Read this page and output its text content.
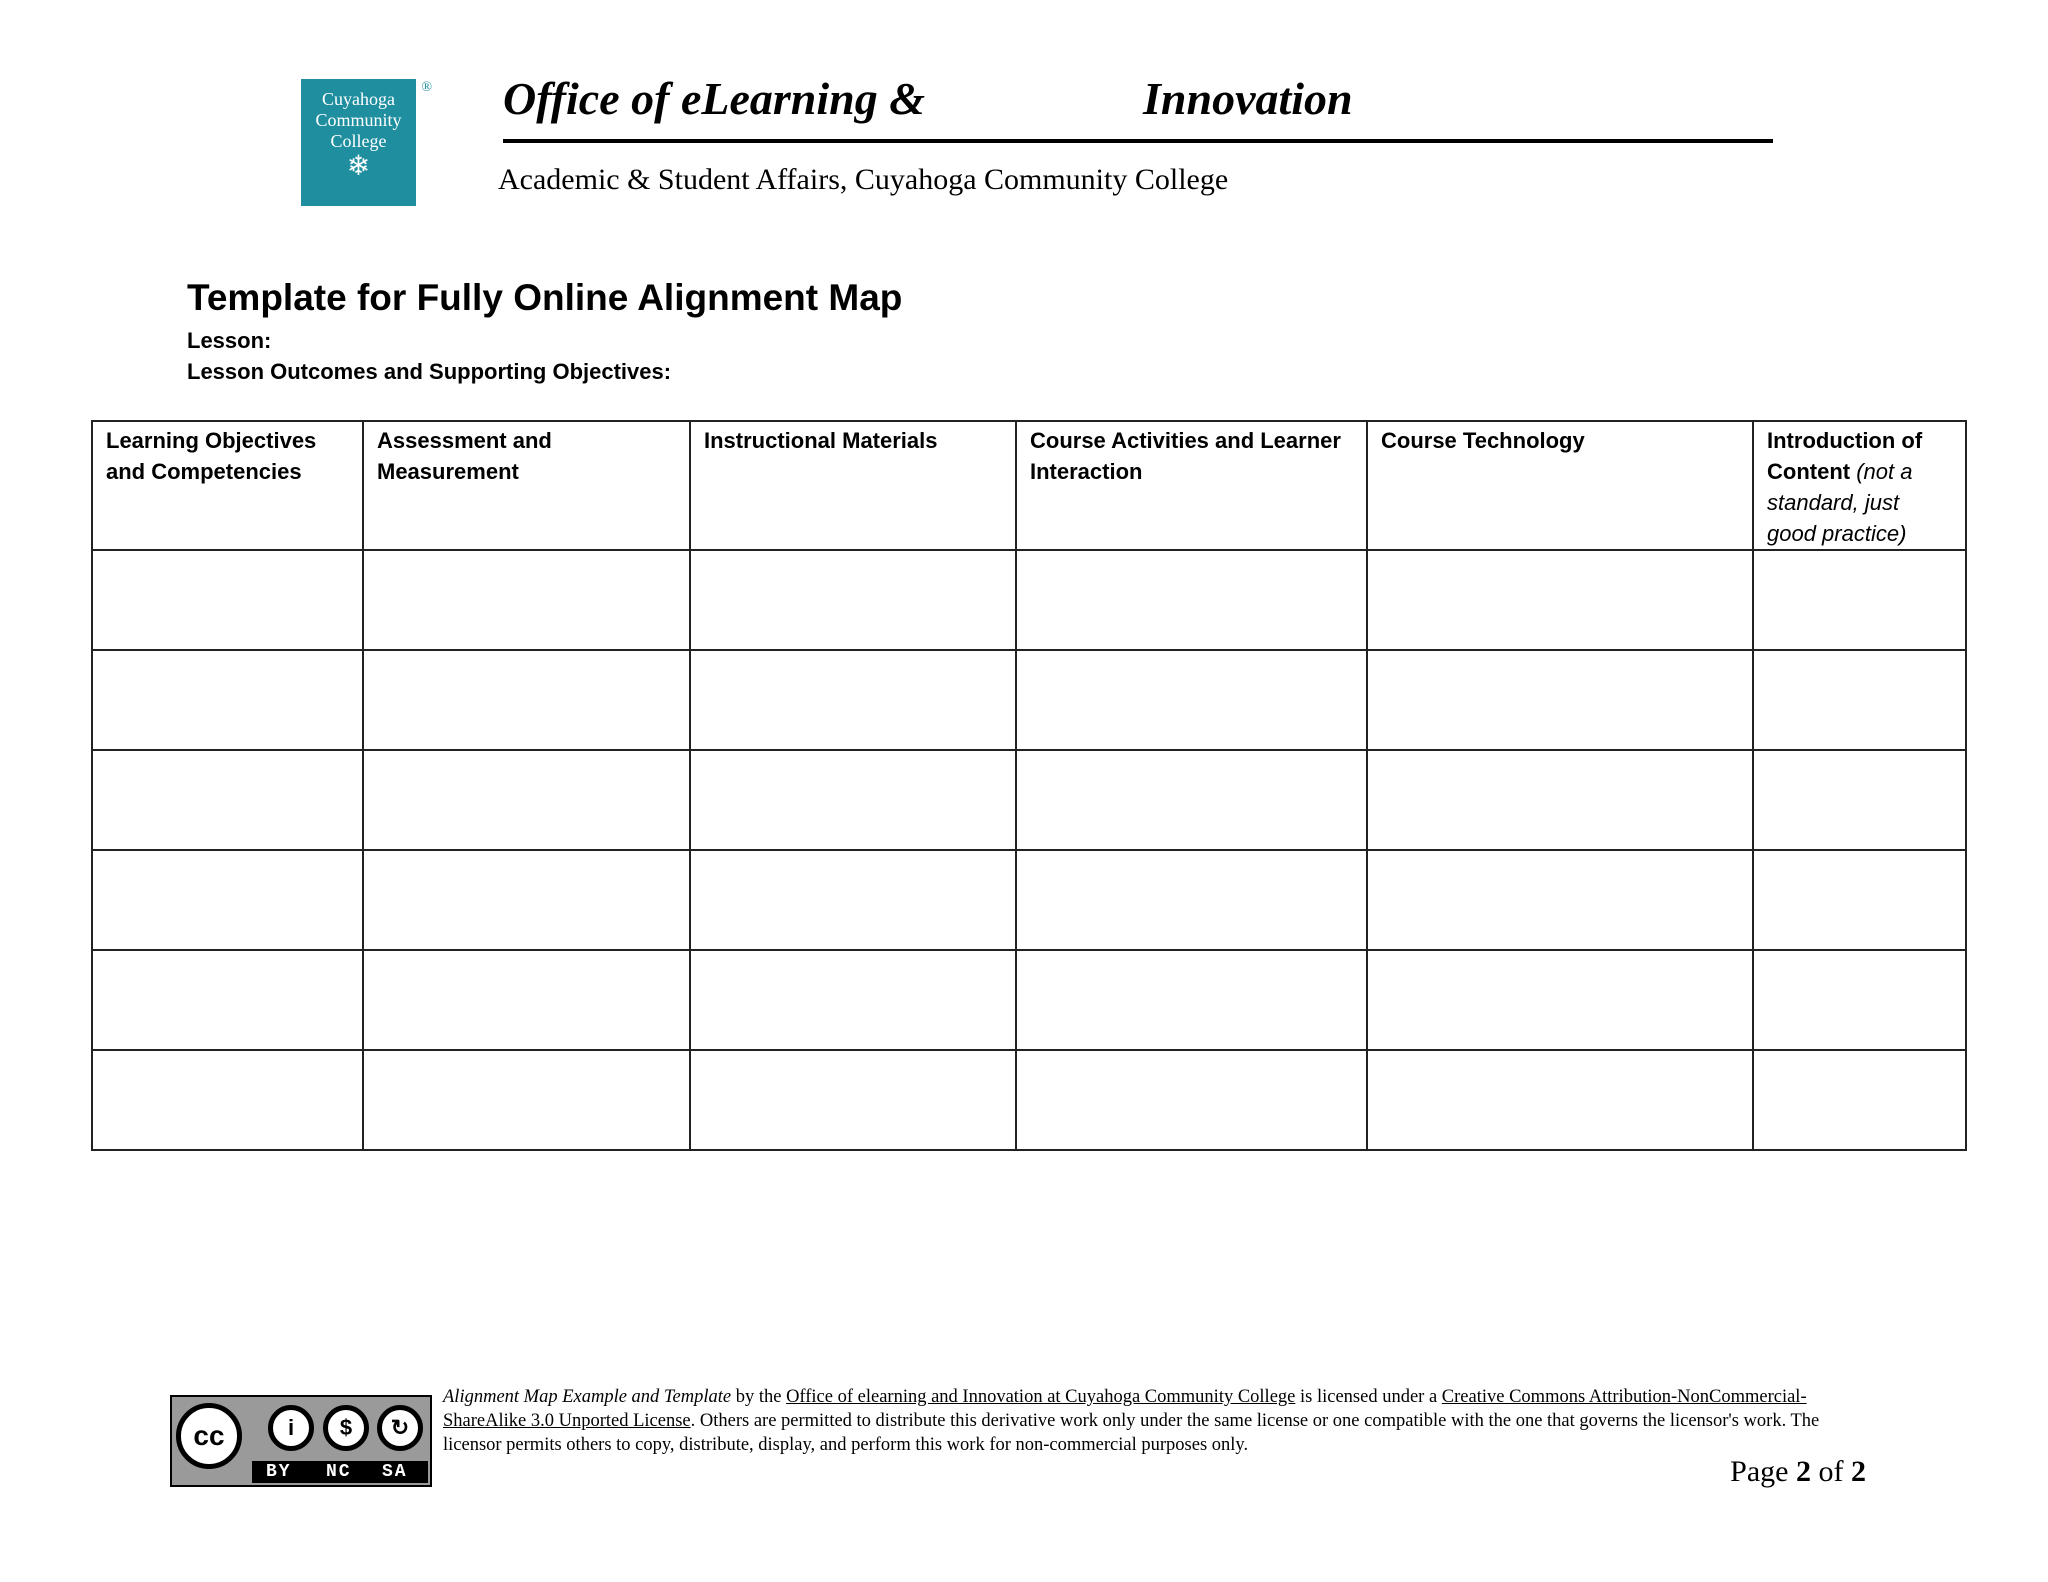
®
Cuyahoga
Community
College
❄
Office of eLearning &	Innovation
Academic & Student Affairs, Cuyahoga Community College
Template for Fully Online Alignment Map
Lesson:
Lesson Outcomes and Supporting Objectives:
Learning Objectives and Competencies	Assessment and Measurement	Instructional Materials	Course Activities and Learner Interaction	Course Technology	Introduction of Content (not a standard, just good practice)

cc	i	$	↻
BY NC SA
Alignment Map Example and Template by the Office of elearning and Innovation at Cuyahoga Community College is licensed under a Creative Commons Attribution-NonCommercial-ShareAlike 3.0 Unported License. Others are permitted to distribute this derivative work only under the same license or one compatible with the one that governs the licensor's work. The licensor permits others to copy, distribute, display, and perform this work for non-commercial purposes only.
Page 2 of 2
